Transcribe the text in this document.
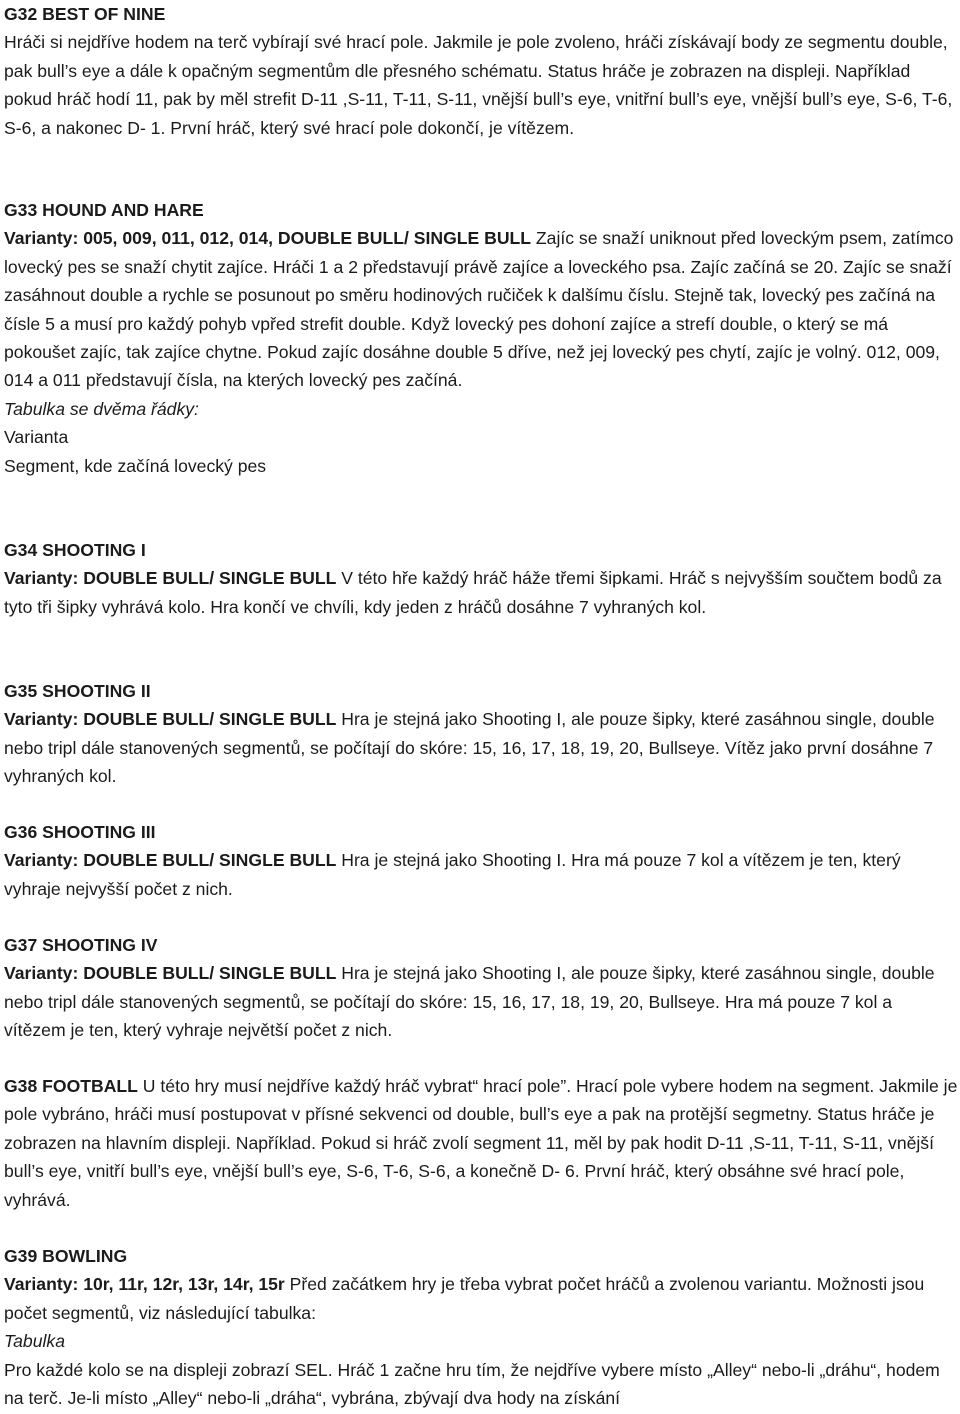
G32 BEST OF NINE

Hráči si nejdříve hodem na terč vybírají své hrací pole. Jakmile je pole zvoleno, hráči získávají body ze segmentu double, pak bull’s eye a dále k opačným segmentům dle přesného schématu. Status hráče je zobrazen na displeji. Například pokud hráč hodí 11, pak by měl strefit D-11 ,S-11, T-11, S-11, vnější bull’s eye, vnitřní bull’s eye, vnější bull’s eye, S-6, T-6, S-6, a nakonec D- 1. První hráč, který své hrací pole dokončí, je vítězem.

G33 HOUND AND HARE

Varianty: 005, 009, 011, 012, 014, DOUBLE BULL/ SINGLE BULL Zajíc se snaží uniknout před loveckým psem, zatímco lovecký pes se snaží chytit zajíce. Hráči 1 a 2 představují právě zajíce a loveckého psa. Zajíc začíná se 20. Zajíc se snaží zasáhnout double a rychle se posunout po směru hodinových ručiček k dalšímu číslu. Stejně tak, lovecký pes začíná na čísle 5 a musí pro každý pohyb vpřed strefit double. Když lovecký pes dohoní zajíce a strefí double, o který se má pokoušet zajíc, tak zajíce chytne. Pokud zajíc dosáhne double 5 dříve, než jej lovecký pes chytí, zajíc je volný. 012, 009, 014 a 011 představují čísla, na kterých lovecký pes začíná.

Tabulka se dvěma řádky:

Varianta

Segment, kde začíná lovecký pes

G34 SHOOTING I

Varianty: DOUBLE BULL/ SINGLE BULL V této hře každý hráč háže třemi šipkami. Hráč s nejvyšším součtem bodů za tyto tři šipky vyhrává kolo. Hra končí ve chvíli, kdy jeden z hráčů dosáhne 7 vyhraných kol.

G35 SHOOTING II

Varianty: DOUBLE BULL/ SINGLE BULL Hra je stejná jako Shooting I, ale pouze šipky, které zasáhnou single, double nebo tripl dále stanovených segmentů, se počítají do skóre: 15, 16, 17, 18, 19, 20, Bullseye. Vítěz jako první dosáhne 7 vyhraných kol.

G36 SHOOTING III

Varianty: DOUBLE BULL/ SINGLE BULL Hra je stejná jako Shooting I. Hra má pouze 7 kol a vítězem je ten, který vyhraje nejvyšší počet z nich.

G37 SHOOTING IV

Varianty: DOUBLE BULL/ SINGLE BULL Hra je stejná jako Shooting I, ale pouze šipky, které zasáhnou single, double nebo tripl dále stanovených segmentů, se počítají do skóre: 15, 16, 17, 18, 19, 20, Bullseye. Hra má pouze 7 kol a vítězem je ten, který vyhraje největší počet z nich.

G38 FOOTBALL U této hry musí nejdříve každý hráč vybrat“ hrací pole”. Hrací pole vybere hodem na segment. Jakmile je pole vybráno, hráči musí postupovat v přísné sekvenci od double, bull’s eye a pak na protější segmetny. Status hráče je zobrazen na hlavním displeji. Například. Pokud si hráč zvolí segment 11, měl by pak hodit D-11 ,S-11, T-11, S-11, vnější bull’s eye, vnitří bull’s eye, vnější bull’s eye, S-6, T-6, S-6, a konečně D- 6. První hráč, který obsáhne své hrací pole, vyhrává.

G39 BOWLING

Varianty: 10r, 11r, 12r, 13r, 14r, 15r Před začátkem hry je třeba vybrat počet hráčů a zvolenou variantu. Možnosti jsou počet segmentů, viz následující tabulka:

Tabulka

Pro každé kolo se na displeji zobrazí SEL. Hráč 1 začne hru tím, že nejdříve vybere místo „Alley“ nebo-li „dráhu“, hodem na terč. Je-li místo „Alley“ nebo-li „dráha“, vybrána, zbývají dva hody na získání
